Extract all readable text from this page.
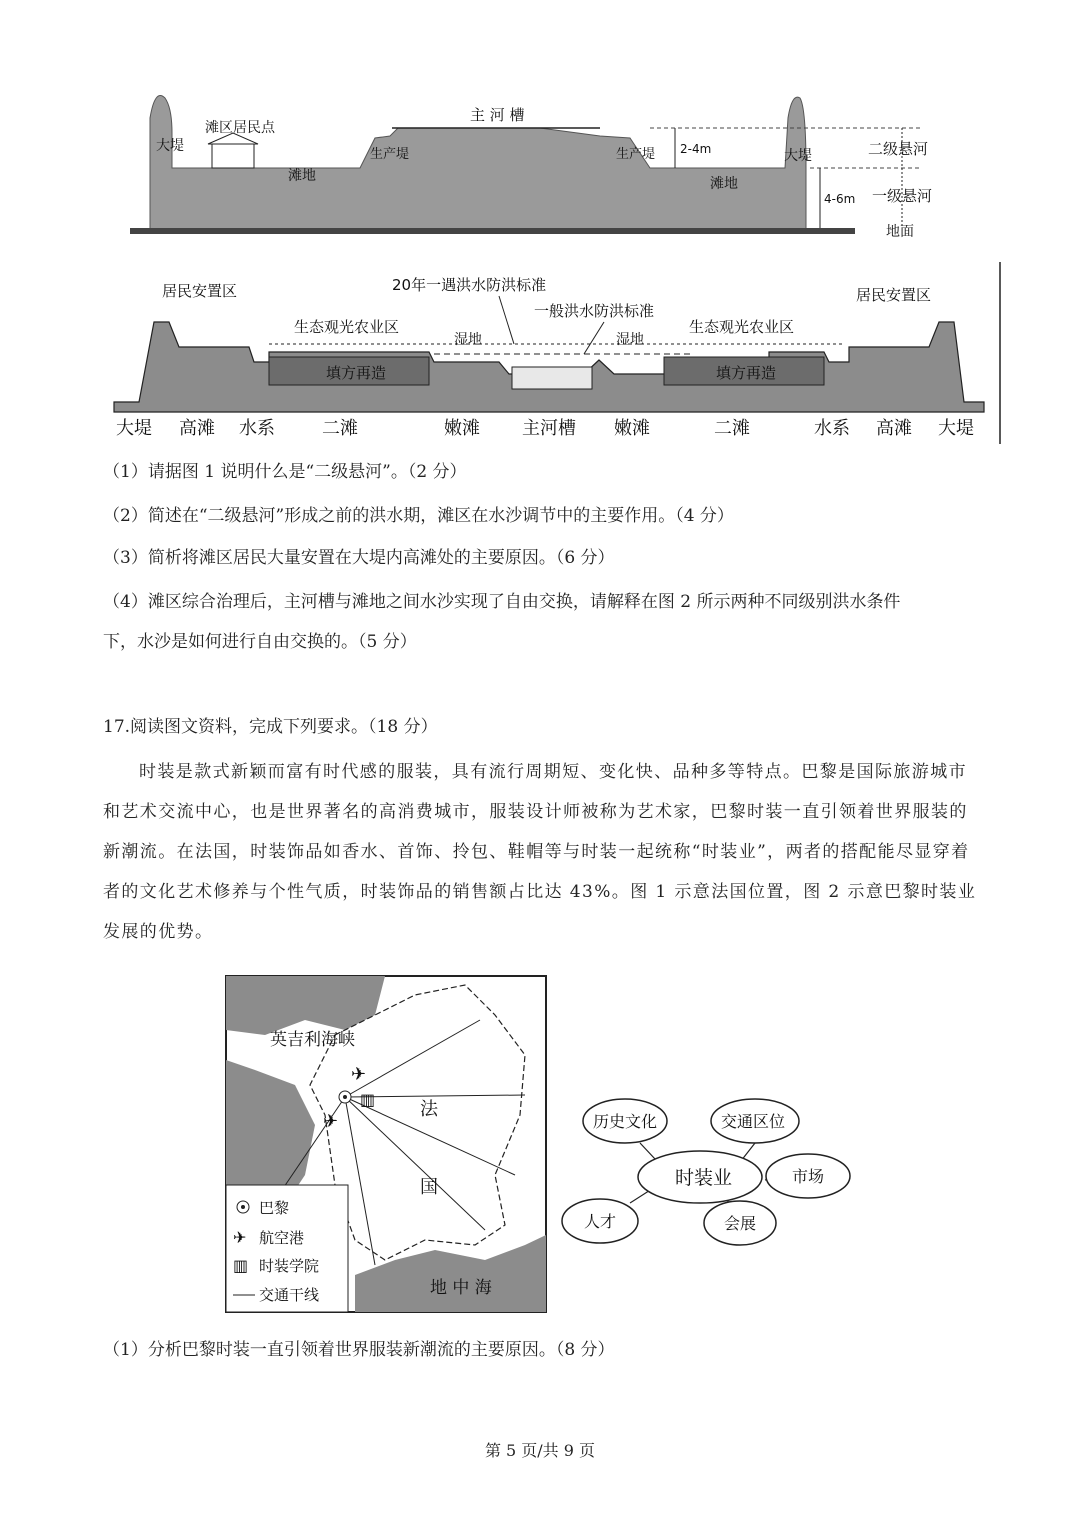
主 河 槽
滩区居民点
大堤
滩地
生产堤	生产堤 2-4m
滩地
大堤
4-6m
二级悬河
一级悬河
地面
居民安置区	居民安置区
20年一遇洪水防洪标准
一般洪水防洪标准
生态观光农业区	生态观光农业区
湿地	湿地
填方再造	填方再造
大堤 高滩 水系	二滩	嫩滩 主河槽 嫩滩	二滩	水系 高滩 大堤
（1）请据图 1 说明什么是“二级悬河”。（2 分）
（2）简述在“二级悬河”形成之前的洪水期，滩区在水沙调节中的主要作用。（4 分）
（3）简析将滩区居民大量安置在大堤内高滩处的主要原因。（6 分）
（4）滩区综合治理后，主河槽与滩地之间水沙实现了自由交换，请解释在图 2 所示两种不同级别洪水条件
下，水沙是如何进行自由交换的。（5 分）
17.阅读图文资料，完成下列要求。（18 分）
时装是款式新颖而富有时代感的服装，具有流行周期短、变化快、品种多等特点。巴黎是国际旅游城市和艺术交流中心，也是世界著名的高消费城市，服装设计师被称为艺术家，巴黎时装一直引领着世界服装的新潮流。在法国，时装饰品如香水、首饰、拎包、鞋帽等与时装一起统称“时装业”，两者的搭配能尽显穿着者的文化艺术修养与个性气质，时装饰品的销售额占比达 43%。图 1 示意法国位置，图 2 示意巴黎时装业发展的优势。
英吉利海峡
法
国
地 中 海
✈
✈
▥
巴黎
✈ 航空港
▥ 时装学院
交通干线
历史文化	交通区位
时装业	市场
会展
人才
（1）分析巴黎时装一直引领着世界服装新潮流的主要原因。（8 分）
第 5 页/共 9 页
